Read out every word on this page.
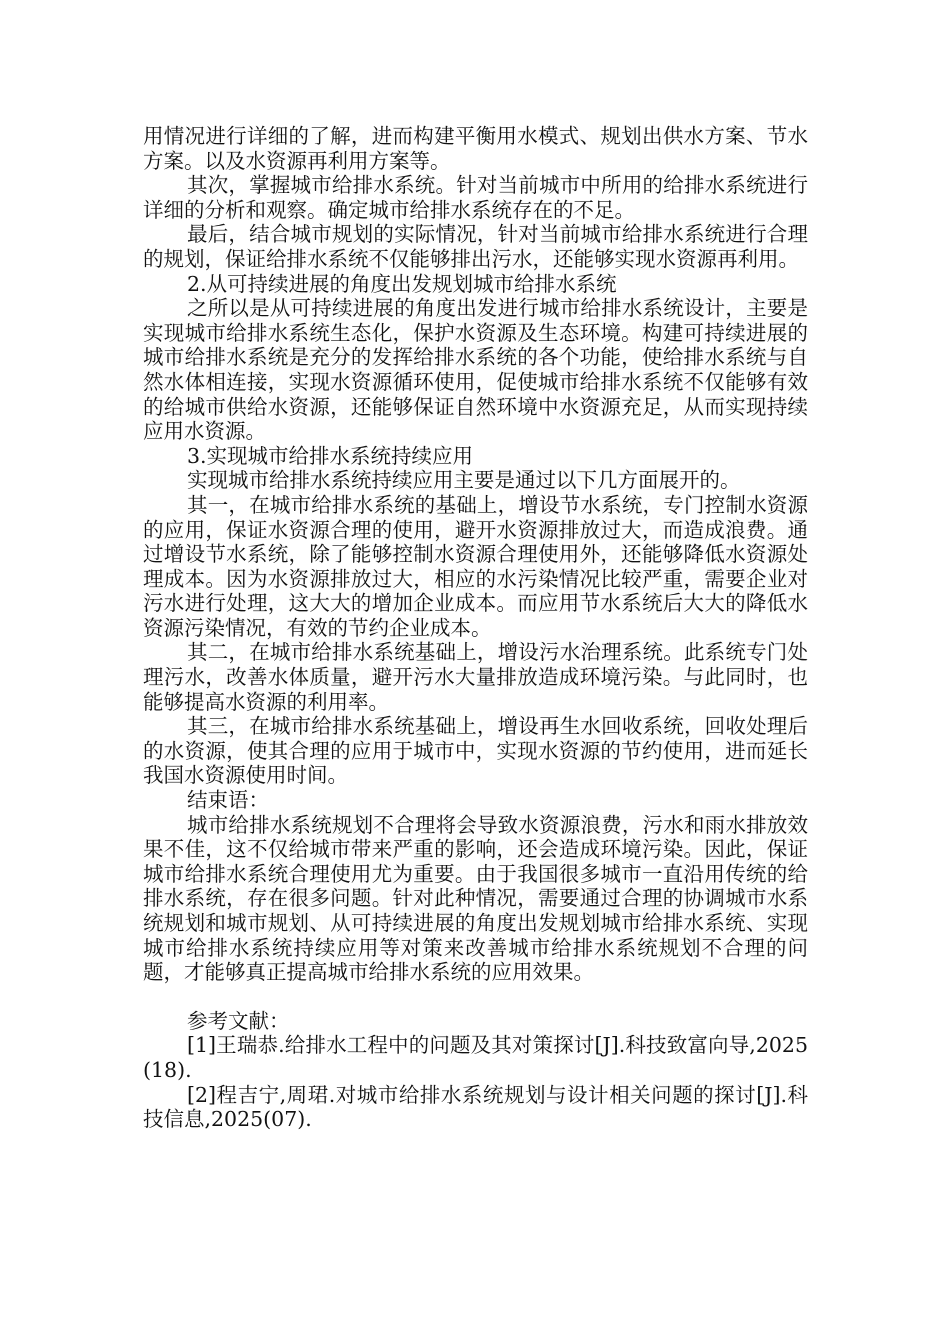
用情况进行详细的了解，进而构建平衡用水模式、规划出供水方案、节水方案。以及水资源再利用方案等。

其次，掌握城市给排水系统。针对当前城市中所用的给排水系统进行详细的分析和观察。确定城市给排水系统存在的不足。

最后，结合城市规划的实际情况，针对当前城市给排水系统进行合理的规划，保证给排水系统不仅能够排出污水，还能够实现水资源再利用。

2.从可持续进展的角度出发规划城市给排水系统

之所以是从可持续进展的角度出发进行城市给排水系统设计，主要是实现城市给排水系统生态化，保护水资源及生态环境。构建可持续进展的城市给排水系统是充分的发挥给排水系统的各个功能，使给排水系统与自然水体相连接，实现水资源循环使用，促使城市给排水系统不仅能够有效的给城市供给水资源，还能够保证自然环境中水资源充足，从而实现持续应用水资源。

3.实现城市给排水系统持续应用

实现城市给排水系统持续应用主要是通过以下几方面展开的。

其一，在城市给排水系统的基础上，增设节水系统，专门控制水资源的应用，保证水资源合理的使用，避开水资源排放过大，而造成浪费。通过增设节水系统，除了能够控制水资源合理使用外，还能够降低水资源处理成本。因为水资源排放过大，相应的水污染情况比较严重，需要企业对污水进行处理，这大大的增加企业成本。而应用节水系统后大大的降低水资源污染情况，有效的节约企业成本。

其二，在城市给排水系统基础上，增设污水治理系统。此系统专门处理污水，改善水体质量，避开污水大量排放造成环境污染。与此同时，也能够提高水资源的利用率。

其三，在城市给排水系统基础上，增设再生水回收系统，回收处理后的水资源，使其合理的应用于城市中，实现水资源的节约使用，进而延长我国水资源使用时间。

结束语：

城市给排水系统规划不合理将会导致水资源浪费，污水和雨水排放效果不佳，这不仅给城市带来严重的影响，还会造成环境污染。因此，保证城市给排水系统合理使用尤为重要。由于我国很多城市一直沿用传统的给排水系统，存在很多问题。针对此种情况，需要通过合理的协调城市水系统规划和城市规划、从可持续进展的角度出发规划城市给排水系统、实现城市给排水系统持续应用等对策来改善城市给排水系统规划不合理的问题，才能够真正提高城市给排水系统的应用效果。

参考文献：

[1]王瑞恭.给排水工程中的问题及其对策探讨[J].科技致富向导,2025(18).

[2]程吉宁,周珺.对城市给排水系统规划与设计相关问题的探讨[J].科技信息,2025(07).
